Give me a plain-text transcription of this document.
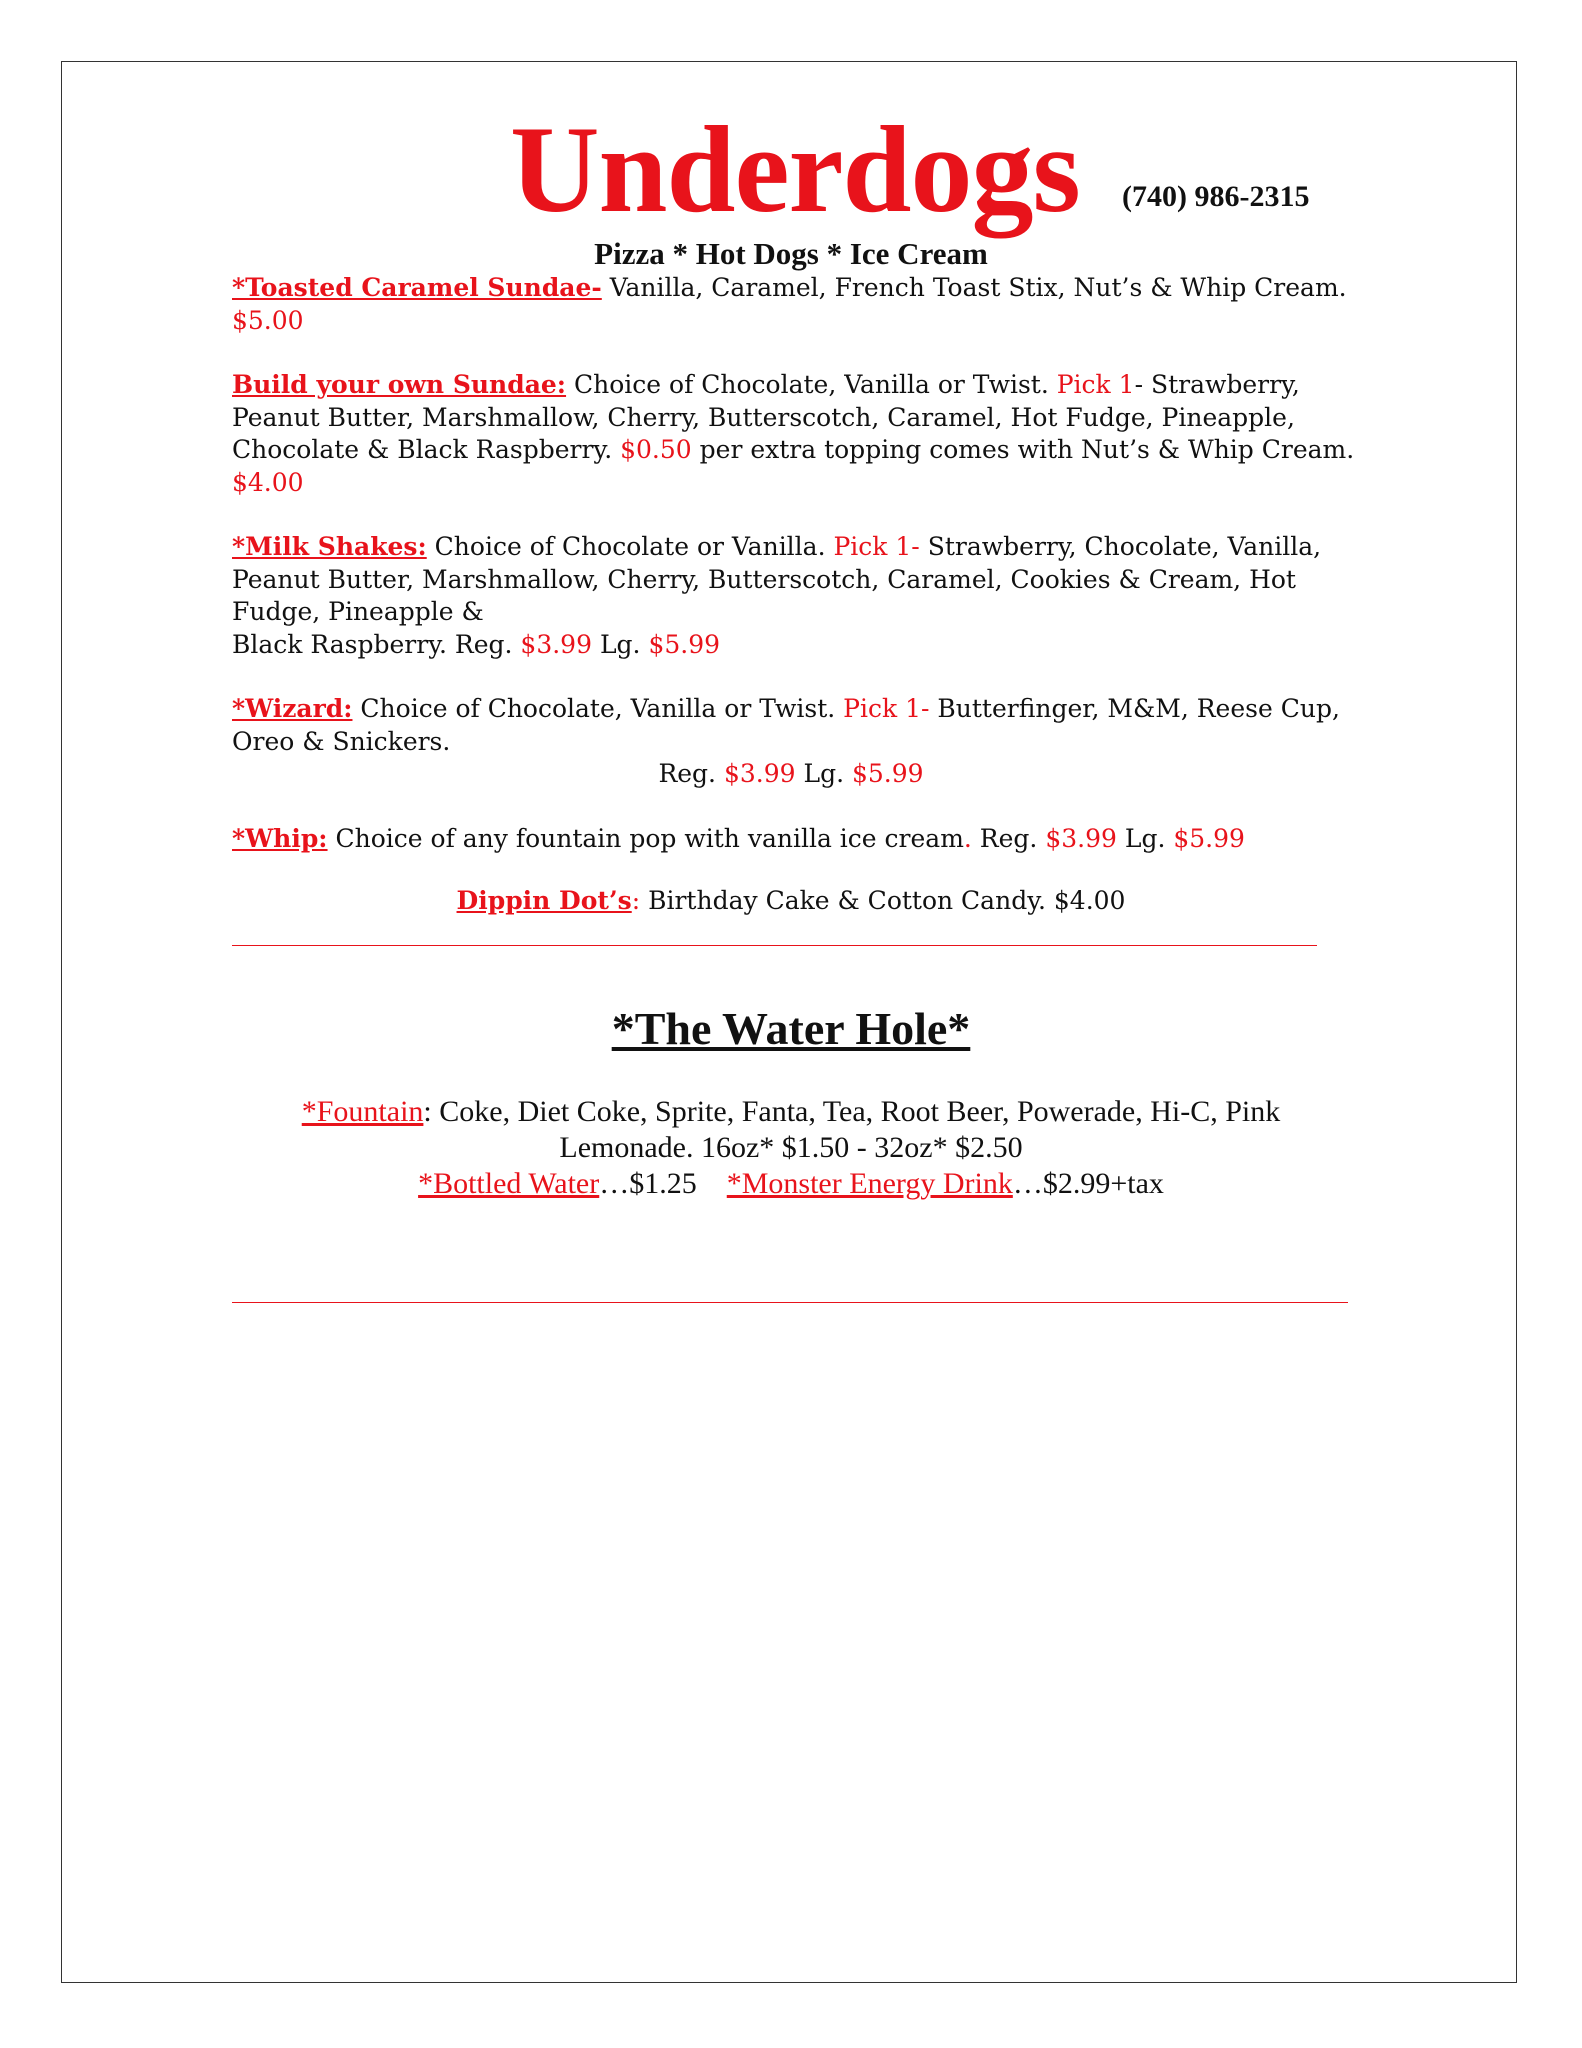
Underdogs (740) 986-2315
Pizza * Hot Dogs * Ice Cream
*Toasted Caramel Sundae- Vanilla, Caramel, French Toast Stix, Nut’s & Whip Cream. $5.00
Build your own Sundae: Choice of Chocolate, Vanilla or Twist. Pick 1- Strawberry, Peanut Butter, Marshmallow, Cherry, Butterscotch, Caramel, Hot Fudge, Pineapple, Chocolate & Black Raspberry. $0.50 per extra topping comes with Nut’s & Whip Cream. $4.00
*Milk Shakes: Choice of Chocolate or Vanilla. Pick 1- Strawberry, Chocolate, Vanilla, Peanut Butter, Marshmallow, Cherry, Butterscotch, Caramel, Cookies & Cream, Hot Fudge, Pineapple &
Black Raspberry. Reg. $3.99 Lg. $5.99
*Wizard: Choice of Chocolate, Vanilla or Twist. Pick 1- Butterfinger, M&M, Reese Cup, Oreo & Snickers.
Reg. $3.99 Lg. $5.99
*Whip: Choice of any fountain pop with vanilla ice cream. Reg. $3.99 Lg. $5.99
Dippin Dot’s: Birthday Cake & Cotton Candy. $4.00
*The Water Hole*
*Fountain: Coke, Diet Coke, Sprite, Fanta, Tea, Root Beer, Powerade, Hi-C, Pink Lemonade. 16oz* $1.50 - 32oz* $2.50
*Bottled Water…$1.25 *Monster Energy Drink…$2.99+tax
